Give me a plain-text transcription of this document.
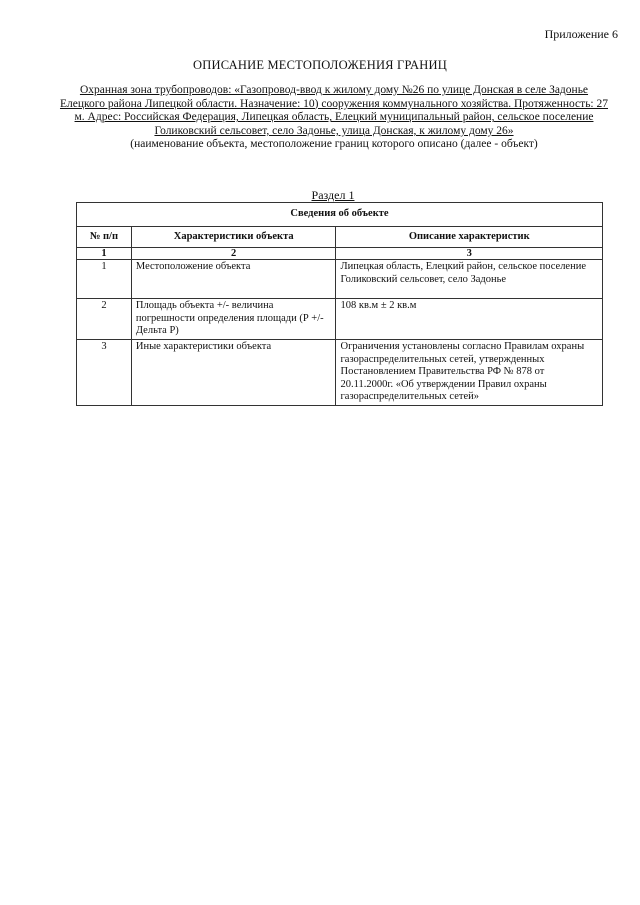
Приложение 6
ОПИСАНИЕ МЕСТОПОЛОЖЕНИЯ ГРАНИЦ
Охранная зона трубопроводов: «Газопровод-ввод к жилому дому №26 по улице Донская в селе Задонье Елецкого района Липецкой области. Назначение: 10) сооружения коммунального хозяйства. Протяженность: 27 м. Адрес: Российская Федерация, Липецкая область, Елецкий муниципальный район, сельское поселение Голиковский сельсовет, село Задонье, улица Донская, к жилому дому 26»
(наименование объекта, местоположение границ которого описано (далее - объект)
Раздел 1
Сведения об объекте		
№ п/п	Характеристики объекта	Описание характеристик
1	2	3
1	Местоположение объекта	Липецкая область, Елецкий район, сельское поселение Голиковский сельсовет, село Задонье
2	Площадь объекта +/- величина погрешности определения площади (Р +/- Дельта Р)	108 кв.м ± 2 кв.м
3	Иные характеристики объекта	Ограничения установлены согласно Правилам охраны газораспределительных сетей, утвержденных Постановлением Правительства РФ № 878 от 20.11.2000г. «Об утверждении Правил охраны газораспределительных сетей»
